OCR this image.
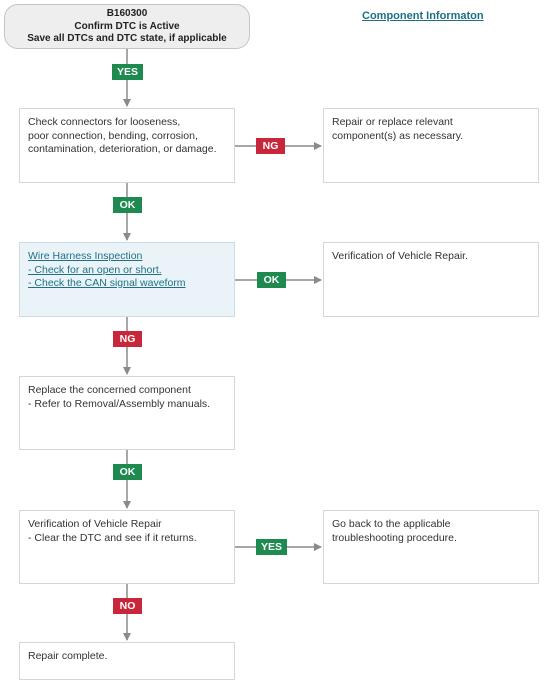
B160300
Confirm DTC is Active
Save all DTCs and DTC state, if applicable
Component Informaton
Check connectors for looseness,
poor connection, bending, corrosion,
contamination, deterioration, or damage.
Repair or replace relevant
component(s) as necessary.
Wire Harness Inspection
- Check for an open or short.
- Check the CAN signal waveform
Verification of Vehicle Repair.
Replace the concerned component
- Refer to Removal/Assembly manuals.
Verification of Vehicle Repair
- Clear the DTC and see if it returns.
Go back to the applicable
troubleshooting procedure.
Repair complete.
YES
NG
OK
OK
NG
OK
YES
NO
